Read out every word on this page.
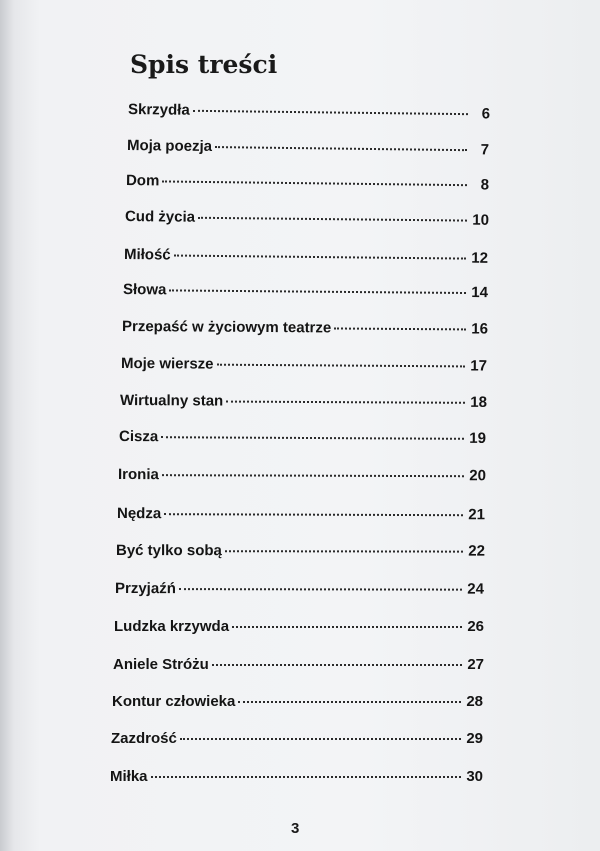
Spis treści
Skrzydła	6
Moja poezja	7
Dom	8
Cud życia	10
Miłość	12
Słowa	14
Przepaść w życiowym teatrze	16
Moje wiersze	17
Wirtualny stan	18
Cisza	19
Ironia	20
Nędza	21
Być tylko sobą	22
Przyjaźń	24
Ludzka krzywda	26
Aniele Stróżu	27
Kontur człowieka	28
Zazdrość	29
Miłka	30
3
